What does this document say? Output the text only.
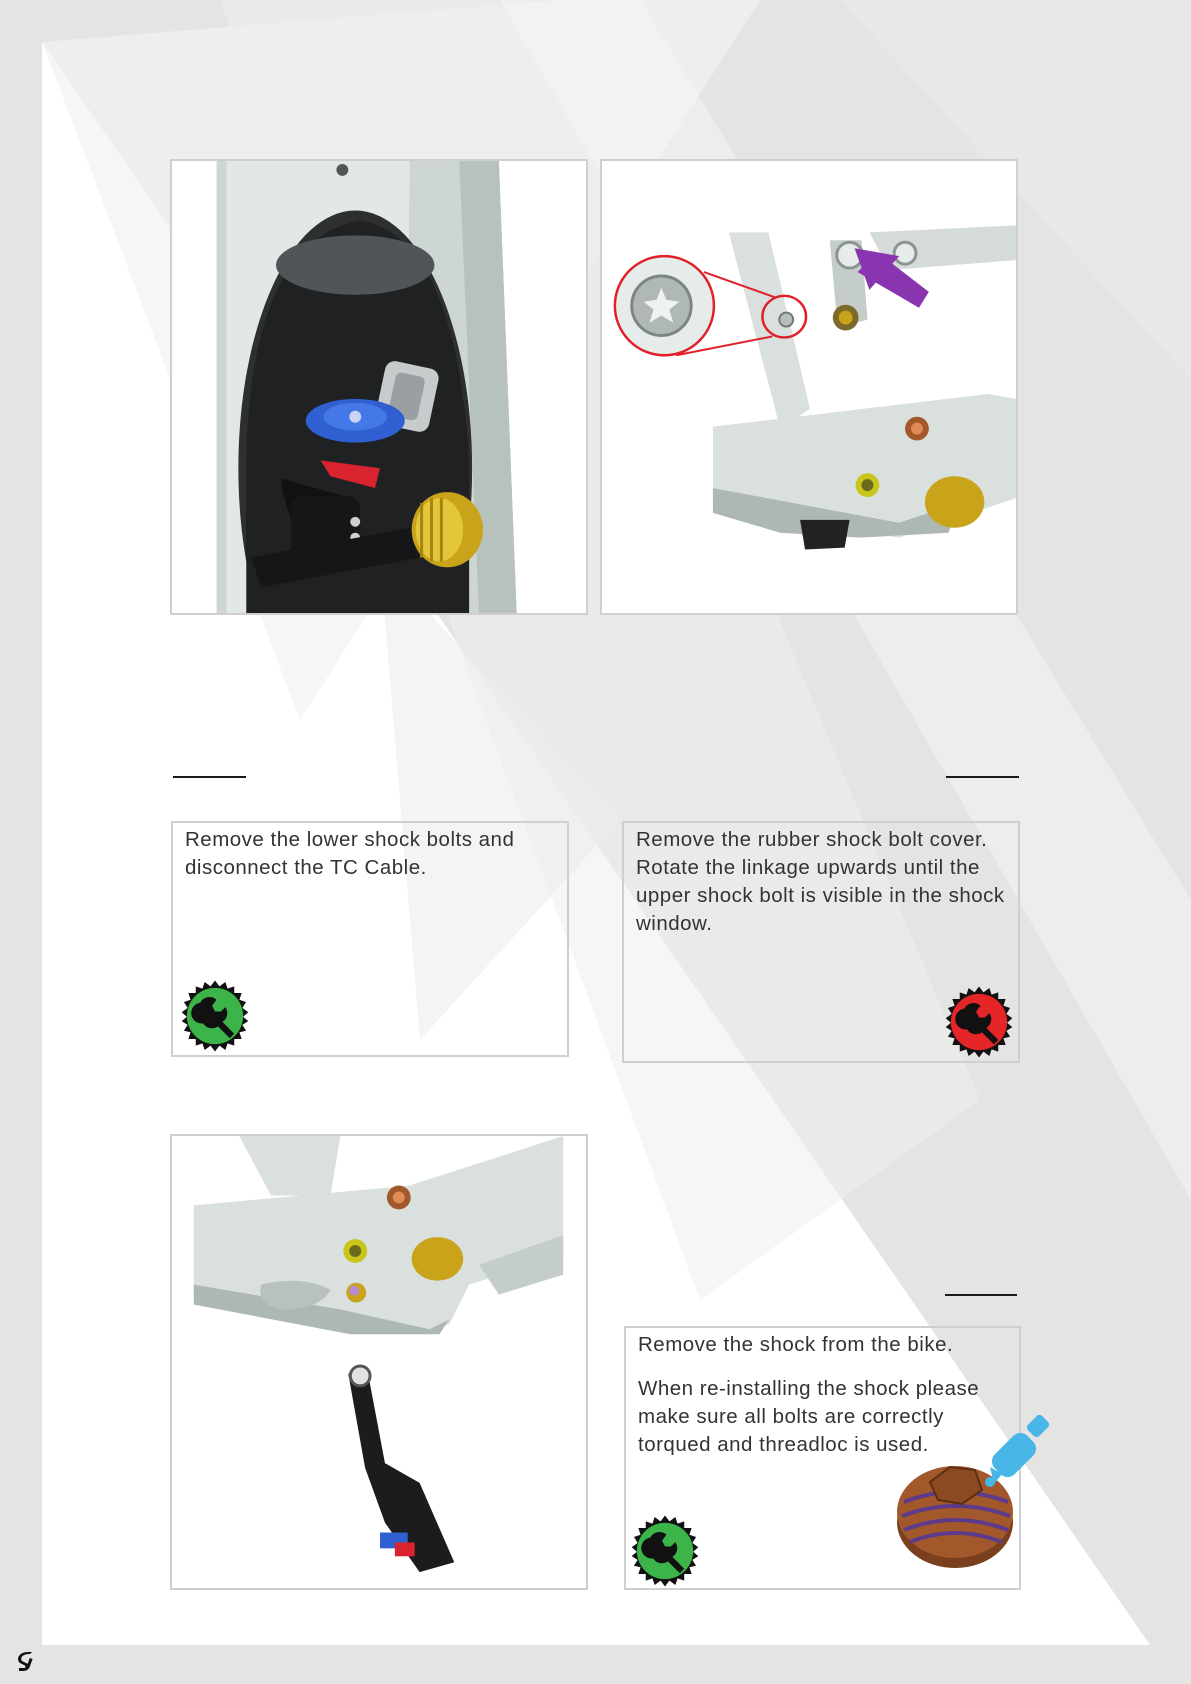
Remove the lower shock bolts and disconnect the TC Cable.

Remove the rubber shock bolt cover. Rotate the linkage upwards until the upper shock bolt is visible in the shock window.

Remove the shock from the bike.

When re-installing the shock please make sure all bolts are correctly torqued and threadloc is used.
